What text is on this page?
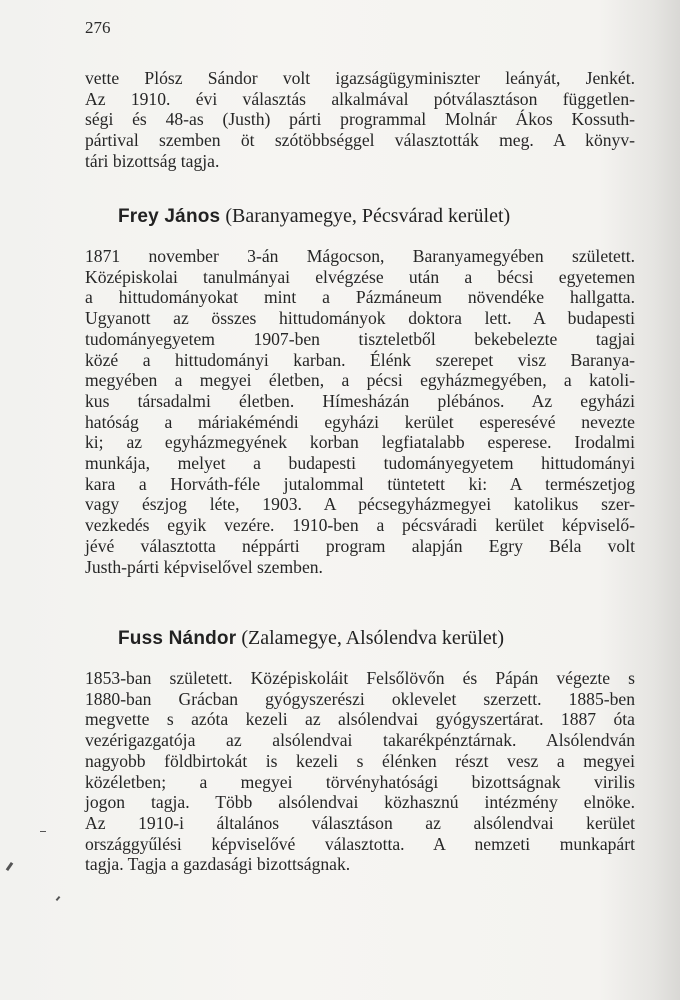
276
vette Plósz Sándor volt igazságügyminiszter leányát, Jenkét.
Az 1910. évi választás alkalmával pótválasztáson független-
ségi és 48-as (Justh) párti programmal Molnár Ákos Kossuth-
pártival szemben öt szótöbbséggel választották meg. A könyv-
tári bizottság tagja.
Frey János (Baranyamegye, Pécsvárad kerület)
1871 november 3-án Mágocson, Baranyamegyében született.
Középiskolai tanulmányai elvégzése után a bécsi egyetemen
a hittudományokat mint a Pázmáneum növendéke hallgatta.
Ugyanott az összes hittudományok doktora lett. A budapesti
tudományegyetem 1907-ben tiszteletből bekebelezte tagjai
közé a hittudományi karban. Élénk szerepet visz Baranya-
megyében a megyei életben, a pécsi egyházmegyében, a katoli-
kus társadalmi életben. Hímesházán plébános. Az egyházi
hatóság a máriakéméndi egyházi kerület esperesévé nevezte
ki; az egyházmegyének korban legfiatalabb esperese. Irodalmi
munkája, melyet a budapesti tudományegyetem hittudományi
kara a Horváth-féle jutalommal tüntetett ki: A természetjog
vagy észjog léte, 1903. A pécsegyházmegyei katolikus szer-
vezkedés egyik vezére. 1910-ben a pécsváradi kerület képviselő-
jévé választotta néppárti program alapján Egry Béla volt
Justh-párti képviselővel szemben.
Fuss Nándor (Zalamegye, Alsólendva kerület)
1853-ban született. Középiskoláit Felsőlövőn és Pápán végezte s
1880-ban Grácban gyógyszerészi oklevelet szerzett. 1885-ben
megvette s azóta kezeli az alsólendvai gyógyszertárat. 1887 óta
vezérigazgatója az alsólendvai takarékpénztárnak. Alsólendván
nagyobb földbirtokát is kezeli s élénken részt vesz a megyei
közéletben; a megyei törvényhatósági bizottságnak virilis
jogon tagja. Több alsólendvai közhasznú intézmény elnöke.
Az 1910-i általános választáson az alsólendvai kerület
országgyűlési képviselővé választotta. A nemzeti munkapárt
tagja. Tagja a gazdasági bizottságnak.
